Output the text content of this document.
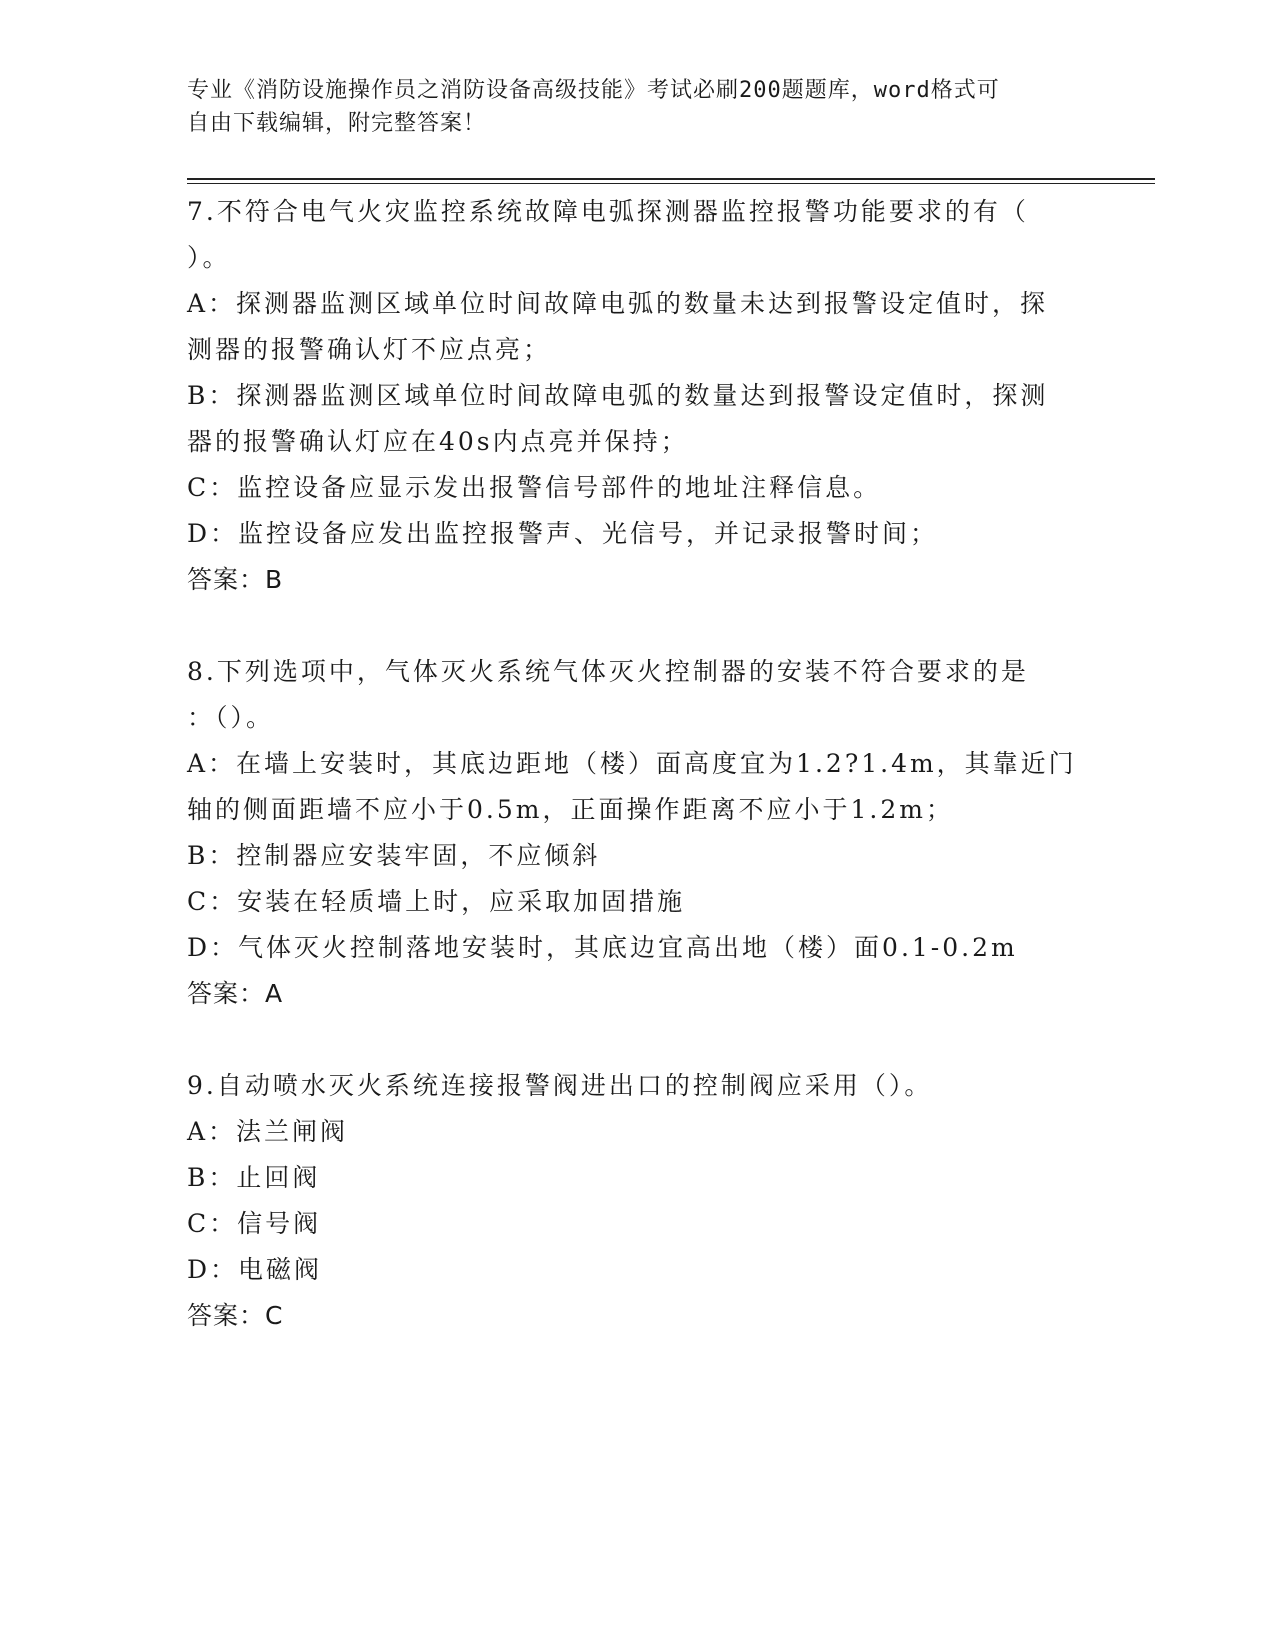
专业《消防设施操作员之消防设备高级技能》考试必刷200题题库，word格式可
自由下载编辑，附完整答案！
7.不符合电气火灾监控系统故障电弧探测器监控报警功能要求的有（
）。
A：探测器监测区域单位时间故障电弧的数量未达到报警设定值时，探
测器的报警确认灯不应点亮；
B：探测器监测区域单位时间故障电弧的数量达到报警设定值时，探测
器的报警确认灯应在40s内点亮并保持；
C：监控设备应显示发出报警信号部件的地址注释信息。
D：监控设备应发出监控报警声、光信号，并记录报警时间；
答案：B
8.下列选项中，气体灭火系统气体灭火控制器的安装不符合要求的是
：（）。
A：在墙上安装时，其底边距地（楼）面高度宜为1.2?1.4m，其靠近门
轴的侧面距墙不应小于0.5m，正面操作距离不应小于1.2m；
B：控制器应安装牢固，不应倾斜
C：安装在轻质墙上时，应采取加固措施
D：气体灭火控制落地安装时，其底边宜高出地（楼）面0.1-0.2m
答案：A
9.自动喷水灭火系统连接报警阀进出口的控制阀应采用（）。
A：法兰闸阀
B：止回阀
C：信号阀
D：电磁阀
答案：C
